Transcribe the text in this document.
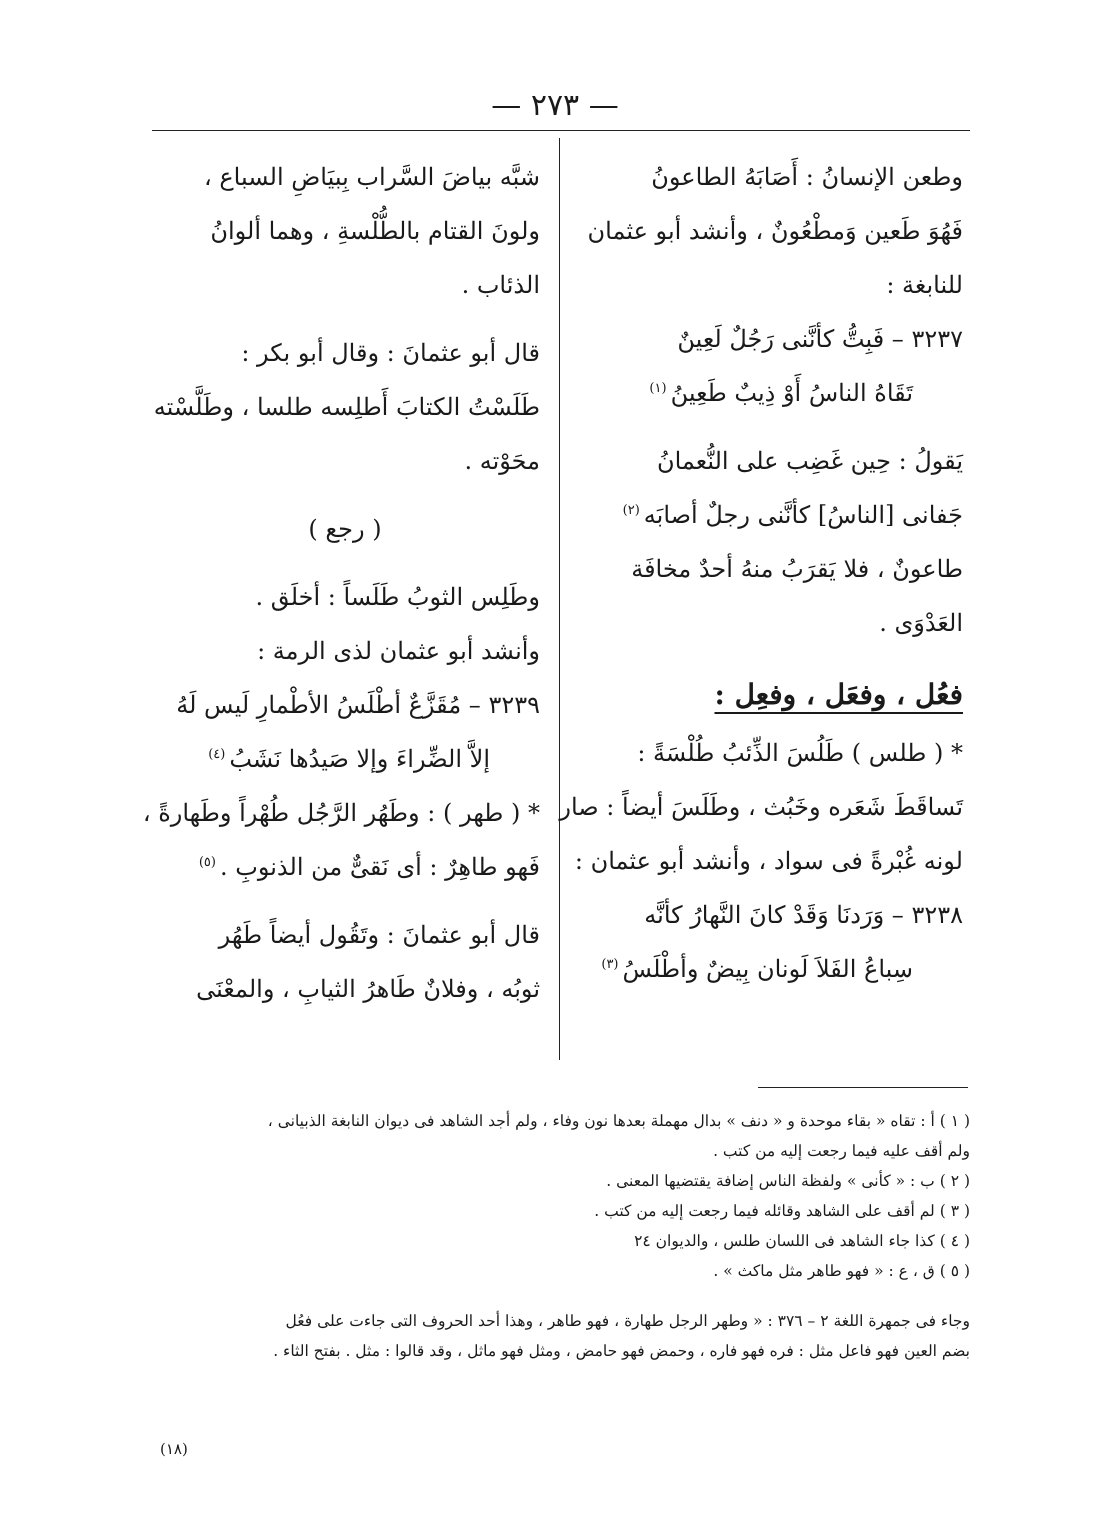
— ٢٧٣ —
وطعن الإنسانُ : أَصَابَهُ الطاعونُ
فَهُوَ طَعين وَمطْعُونٌ ، وأنشد أبو عثمان
للنابغة :
٣٢٣٧ – فَبِتُّ كأنَّنى رَجُلٌ لَعِينٌ
تَقَاهُ الناسُ أَوْ ذِيبٌ طَعِينُ$^{(١)}$
يَقولُ : حِين غَضِب على النُّعمانُ
جَفانى [الناسُ] كأنَّنى رجلٌ أصابَه$^{(٢)}$
طاعونٌ ، فلا يَقرَبُ منهُ أحدٌ مخافَة
العَدْوَى .
فعُل ، وفعَل ، وفعِل :
* ( طلس ) طَلُسَ الذِّئبُ طُلْسَةً :
تَساقَطَ شَعَره وخَبُث ، وطَلَسَ أيضاً : صار
لونه غُبْرةً فى سواد ، وأنشد أبو عثمان :
٣٢٣٨ – وَرَدنَا وَقَدْ كانَ النَّهارُ كأنَّه
سِباعُ الفَلاَ لَونان بِيضٌ وأطْلَسُ$^{(٣)}$
شبَّه بياضَ السَّراب بِبيَاضِ السباع ،
ولونَ القتام بالطُّلْسةِ ، وهما ألوانُ
الذئاب .
قال أبو عثمانَ : وقال أبو بكر :
طَلَسْتُ الكتابَ أَطلِسه طلسا ، وطَلَّسْته
محَوْته .
( رجع )
وطَلِس الثوبُ طَلَساً : أخلَق .
وأنشد أبو عثمان لذى الرمة :
٣٢٣٩ – مُقَزَّعٌ أطْلَسُ الأطْمارِ لَيس لَهُ
إلاَّ الضِّراءَ وإلا صَيدُها نَشَبُ$^{(٤)}$
* ( طهر ) : وطَهُر الرَّجُل طُهْراً وطَهارةً ،
فَهو طاهِرٌ : أى نَقىٌّ من الذنوبِ .$^{(٥)}$
قال أبو عثمانَ : وتَقُول أيضاً طَهُر
ثوبُه ، وفلانٌ طَاهرُ الثيابِ ، والمعْنَى
( ١ ) أ : تقاه « بقاء موحدة و « دنف » بدال مهملة بعدها نون وفاء ، ولم أجد الشاهد فى ديوان النابغة الذبيانى ،
ولم أقف عليه فيما رجعت إليه من كتب .
( ٢ ) ب : « كأنى » ولفظة الناس إضافة يقتضيها المعنى .
( ٣ ) لم أقف على الشاهد وقائله فيما رجعت إليه من كتب .
( ٤ ) كذا جاء الشاهد فى اللسان طلس ، والديوان ٢٤
( ٥ ) ق ، ع : « فهو طاهر مثل ماكث » .
وجاء فى جمهرة اللغة ٢ – ٣٧٦ : « وطهر الرجل طهارة ، فهو طاهر ، وهذا أحد الحروف التى جاءت على فعُل
بضم العين فهو فاعل مثل : فره فهو فاره ، وحمض فهو حامض ، ومثل فهو ماثل ، وقد قالوا : مثل . بفتح الثاء .
(١٨)
